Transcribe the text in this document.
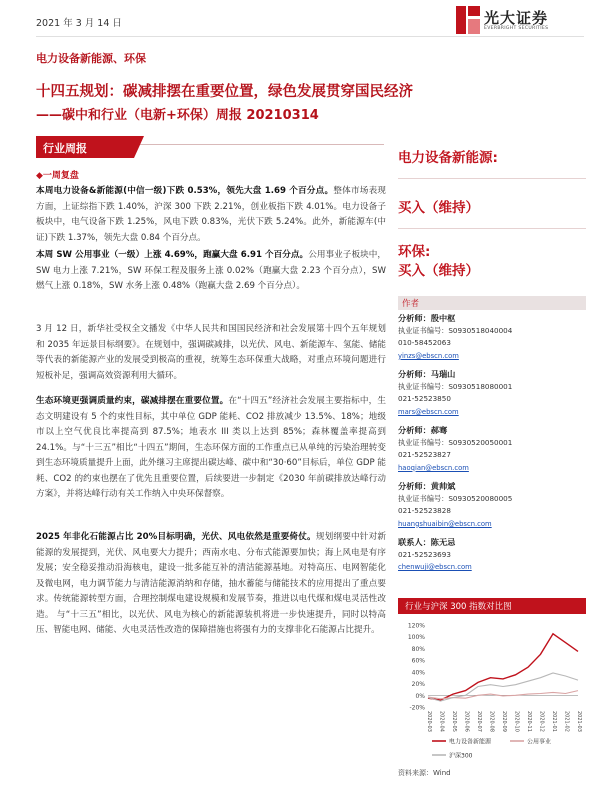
2021 年 3 月 14 日	光大证券
EVERBRIGHT SECURITIES
电力设备新能源、环保
十四五规划：碳减排摆在重要位置，绿色发展贯穿国民经济
——碳中和行业（电新+环保）周报 20210314
行业周报
◆一周复盘
本周电力设备&新能源(中信一级)下跌 0.53%，领先大盘 1.69 个百分点。整体市场表现方面，上证综指下跌 1.40%，沪深 300 下跌 2.21%，创业板指下跌 4.01%。电力设备子板块中，电气设备下跌 1.25%，风电下跌 0.83%，光伏下跌 5.24%。此外，新能源车(中证)下跌 1.37%，领先大盘 0.84 个百分点。
本周 SW 公用事业（一级）上涨 4.69%，跑赢大盘 6.91 个百分点。公用事业子板块中，SW 电力上涨 7.21%，SW 环保工程及服务上涨 0.02%（跑赢大盘 2.23 个百分点），SW 燃气上涨 0.18%，SW 水务上涨 0.48%（跑赢大盘 2.69 个百分点）。
3 月 12 日，新华社受权全文播发《中华人民共和国国民经济和社会发展第十四个五年规划和 2035 年远景目标纲要》。在规划中，强调碳减排，以光伏、风电、新能源车、氢能、储能等代表的新能源产业的发展受到极高的重视，统筹生态环保重大战略，对重点环境问题进行短板补足，强调高效资源利用大循环。
生态环境更强调质量约束，碳减排摆在重要位置。在“十四五”经济社会发展主要指标中，生态文明建设有 5 个约束性目标，其中单位 GDP 能耗、CO2 排放减少 13.5%、18%；地级市以上空气优良比率提高到 87.5%；地表水 III 类以上达到 85%；森林覆盖率提高到 24.1%。与“十三五”相比“十四五”期间，生态环保方面的工作重点已从单纯的污染治理转变到生态环境质量提升上面，此外继习主席提出碳达峰、碳中和“30·60”目标后，单位 GDP 能耗、CO2 的约束也摆在了优先且重要位置，后续要进一步制定《2030 年前碳排放达峰行动方案》，并将达峰行动有关工作纳入中央环保督察。
2025 年非化石能源占比 20%目标明确，光伏、风电依然是重要倚仗。规划纲要中针对新能源的发展提到，光伏、风电要大力提升；西南水电、分布式能源要加快；海上风电是有序发展；安全稳妥推动沿海核电，建设一批多能互补的清洁能源基地。对特高压、电网智能化及微电网，电力调节能力与清洁能源消纳和存储，抽水蓄能与储能技术的应用提出了重点要求。传统能源转型方面，合理控制煤电建设规模和发展节奏，推进以电代煤和煤电灵活性改造。 与“十三五”相比，以光伏、风电为核心的新能源装机将进一步快速提升，同时以特高压、智能电网、储能、火电灵活性改造的保障措施也将强有力的支撑非化石能源占比提升。
电力设备新能源:
买入（维持）
环保:
买入（维持）
作者
分析师：殷中枢
执业证书编号：S0930518040004
010-58452063
yinzs@ebscn.com
分析师：马瑞山
执业证书编号：S0930518080001
021-52523850
mars@ebscn.com
分析师：郝骞
执业证书编号：S0930520050001
021-52523827
haoqian@ebscn.com
分析师：黄帅斌
执业证书编号：S0930520080005
021-52523828
huangshuaibin@ebscn.com
联系人：陈无忌
021-52523693
chenwuji@ebscn.com
行业与沪深 300 指数对比图
120%
100%
80%
60%
40%
20%
0%
-20%
2020-03 2020-04 2020-05 2020-06 2020-07 2020-08 2020-09 2020-10 2020-11 2020-12 2021-01 2021-02 2021-03
电力设备新能源	公用事业
沪深300
资料来源：Wind
